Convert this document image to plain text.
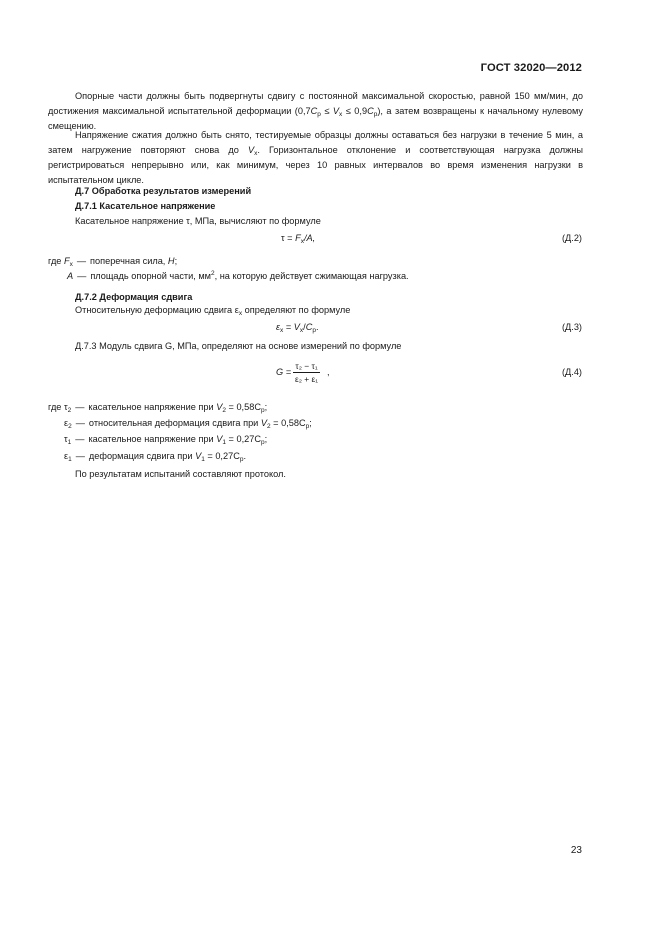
ГОСТ 32020—2012
Опорные части должны быть подвергнуты сдвигу с постоянной максимальной скоростью, равной 150 мм/мин, до достижения максимальной испытательной деформации $(0,7C_p \le V_x \le 0,9C_p)$, а затем возвращены к начальному нулевому смещению.
Напряжение сжатия должно быть снято, тестируемые образцы должны оставаться без нагрузки в течение 5 мин, а затем нагружение повторяют снова до $V_x$. Горизонтальное отклонение и соответствующая нагрузка должны регистрироваться непрерывно или, как минимум, через 10 равных интервалов во время изменения нагрузки в испытательном цикле.
Д.7 Обработка результатов измерений
Д.7.1 Касательное напряжение
Касательное напряжение τ, МПа, вычисляют по формуле
$\tau = F_x/A$,	(Д.2)
где $F_x$ — поперечная сила, Н;
A — площадь опорной части, $мм^2$, на которую действует сжимающая нагрузка.
Д.7.2 Деформация сдвига
Относительную деформацию сдвига $\varepsilon_x$ определяют по формуле
$\varepsilon_x = V_x/C_p$.	(Д.3)
Д.7.3 Модуль сдвига G, МПа, определяют на основе измерений по формуле
$G = \frac{\text{τ₂ − τ₁}}{\text{ε₂ + ε₁}}$ ,	(Д.4)
где $\tau_2$ — касательное напряжение при $V_2 = 0,58C_p$;
$\varepsilon_2$ — относительная деформация сдвига при $V_2 = 0,58C_p$;
$\tau_1$ — касательное напряжение при $V_1 = 0,27C_p$;
$\varepsilon_1$ — деформация сдвига при $V_1 = 0,27C_p$.
По результатам испытаний составляют протокол.
23
